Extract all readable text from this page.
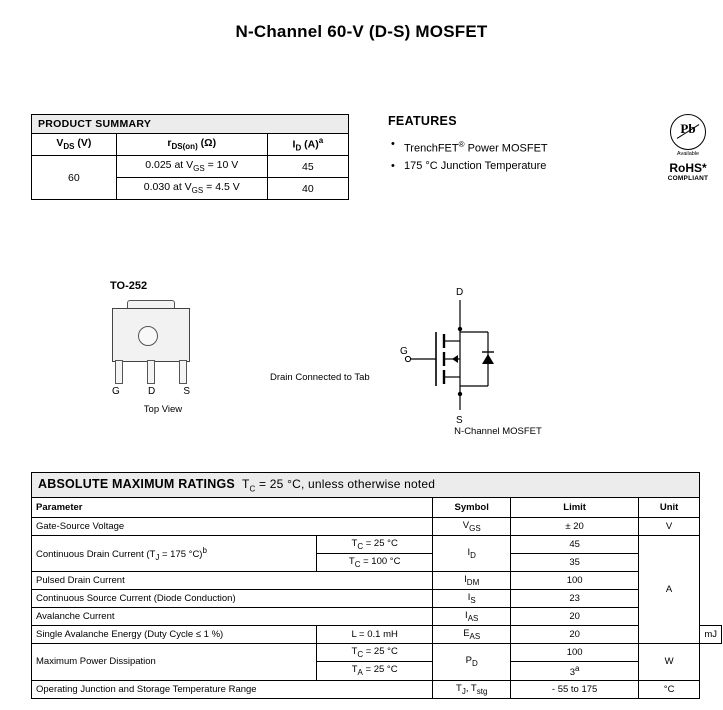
N-Channel 60-V (D-S) MOSFET
PRODUCT SUMMARY		
$V_{DS}$ (V)	$r_{DS(on)}$ (Ω)	$I_D$ $(A)^a$
60	0.025 at $V_{GS} = 10$ V	45
	0.030 at $V_{GS} = 4.5$ V	40
FEATURES
• TrenchFET® Power MOSFET
• 175 °C Junction Temperature
Pb
Available
RoHS*
COMPLIANT
TO-252
G	D	S
Top View
Drain Connected to Tab
D
G
S
N-Channel MOSFET
ABSOLUTE MAXIMUM RATINGS $T_C = 25$ °C, unless otherwise noted					
Parameter		Symbol	Limit	Unit	
Gate-Source Voltage		$V_{GS}$	± 20	V	
Continuous Drain Current ($T_J = 175$ °C)$^b$	$T_C = 25$ °C	$I_D$	45	A	
	$T_C = 100$ °C		35		
Pulsed Drain Current		$I_{DM}$	100		
Continuous Source Current (Diode Conduction)		$I_S$	23		
Avalanche Current		$I_{AS}$	20		
Single Avalanche Energy (Duty Cycle ≤ 1 %)	L = 0.1 mH	$E_{AS}$	20		mJ
Maximum Power Dissipation	$T_C = 25$ °C	$P_D$	100	W	
	$T_A = 25$ °C		3$^a$
Operating Junction and Storage Temperature Range		$T_J$, $T_{stg}$	- 55 to 175	°C	
